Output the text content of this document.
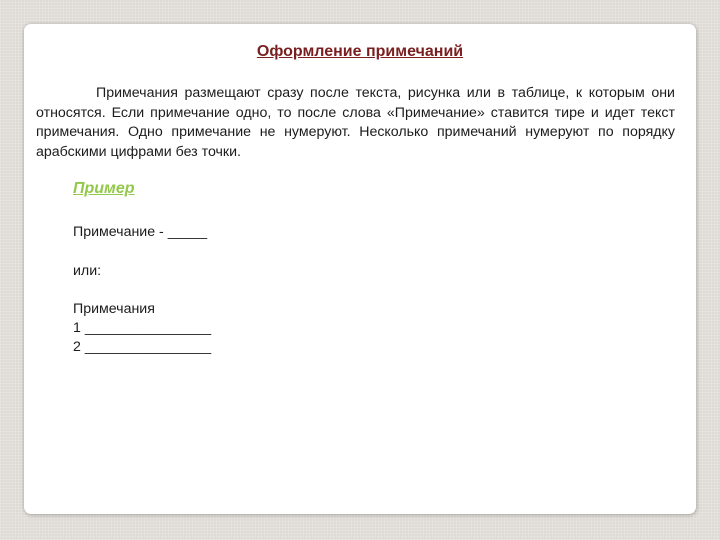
Оформление примечаний

Примечания размещают сразу после текста, рисунка или в таблице, к которым они относятся. Если примечание одно, то после слова «Примечание» ставится тире и идет текст примечания. Одно примечание не нумеруют. Несколько примечаний нумеруют по порядку арабскими цифрами без точки.

Пример
Примечание - _____
или:
Примечания
1 ________________
2 ________________
